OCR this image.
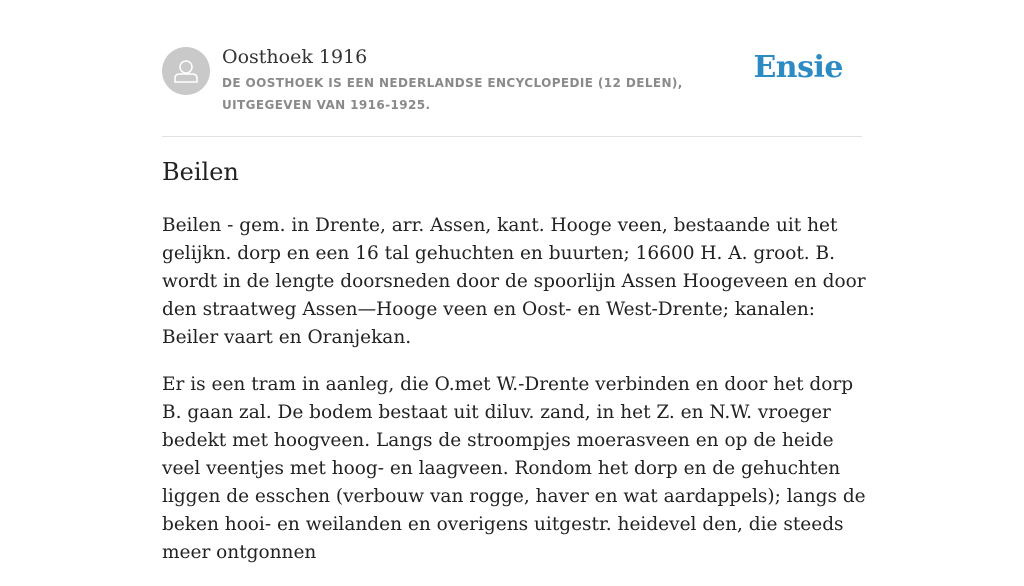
Oosthoek 1916
DE OOSTHOEK IS EEN NEDERLANDSE ENCYCLOPEDIE (12 DELEN), UITGEGEVEN VAN 1916-1925.
Ensie
Beilen

Beilen - gem. in Drente, arr. Assen, kant. Hooge veen, bestaande uit het gelijkn. dorp en een 16 tal gehuchten en buurten; 16600 H. A. groot. B. wordt in de lengte doorsneden door de spoorlijn Assen Hoogeveen en door den straatweg Assen—Hooge veen en Oost- en West-Drente; kanalen: Beiler vaart en Oranjekan.

Er is een tram in aanleg, die O.met W.-Drente verbinden en door het dorp B. gaan zal. De bodem bestaat uit diluv. zand, in het Z. en N.W. vroeger bedekt met hoogveen. Langs de stroompjes moerasveen en op de heide veel veentjes met hoog- en laagveen. Rondom het dorp en de gehuchten liggen de esschen (verbouw van rogge, haver en wat aardappels); langs de beken hooi- en weilanden en overigens uitgestr. heidevel den, die steeds meer ontgonnen
